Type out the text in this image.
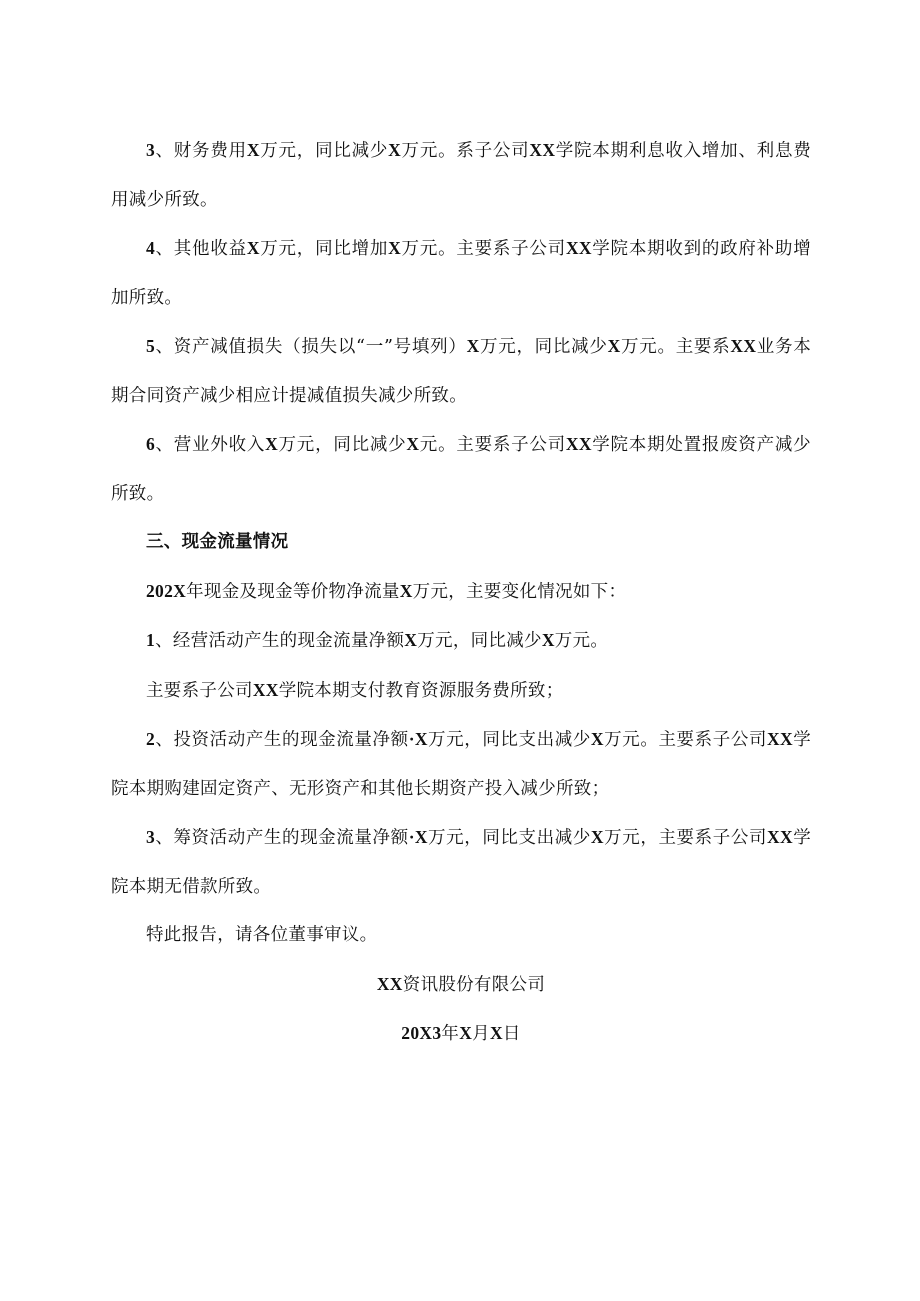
3、财务费用X万元，同比减少X万元。系子公司XX学院本期利息收入增加、利息费用减少所致。

4、其他收益X万元，同比增加X万元。主要系子公司XX学院本期收到的政府补助增加所致。

5、资产减值损失（损失以“一”号填列）X万元，同比减少X万元。主要系XX业务本期合同资产减少相应计提减值损失减少所致。

6、营业外收入X万元，同比减少X元。主要系子公司XX学院本期处置报废资产减少所致。

三、现金流量情况

202X年现金及现金等价物净流量X万元，主要变化情况如下：

1、经营活动产生的现金流量净额X万元，同比减少X万元。

主要系子公司XX学院本期支付教育资源服务费所致；

2、投资活动产生的现金流量净额·X万元，同比支出减少X万元。主要系子公司XX学院本期购建固定资产、无形资产和其他长期资产投入减少所致；

3、筹资活动产生的现金流量净额·X万元，同比支出减少X万元，主要系子公司XX学院本期无借款所致。

特此报告，请各位董事审议。

XX资讯股份有限公司

20X3年X月X日
